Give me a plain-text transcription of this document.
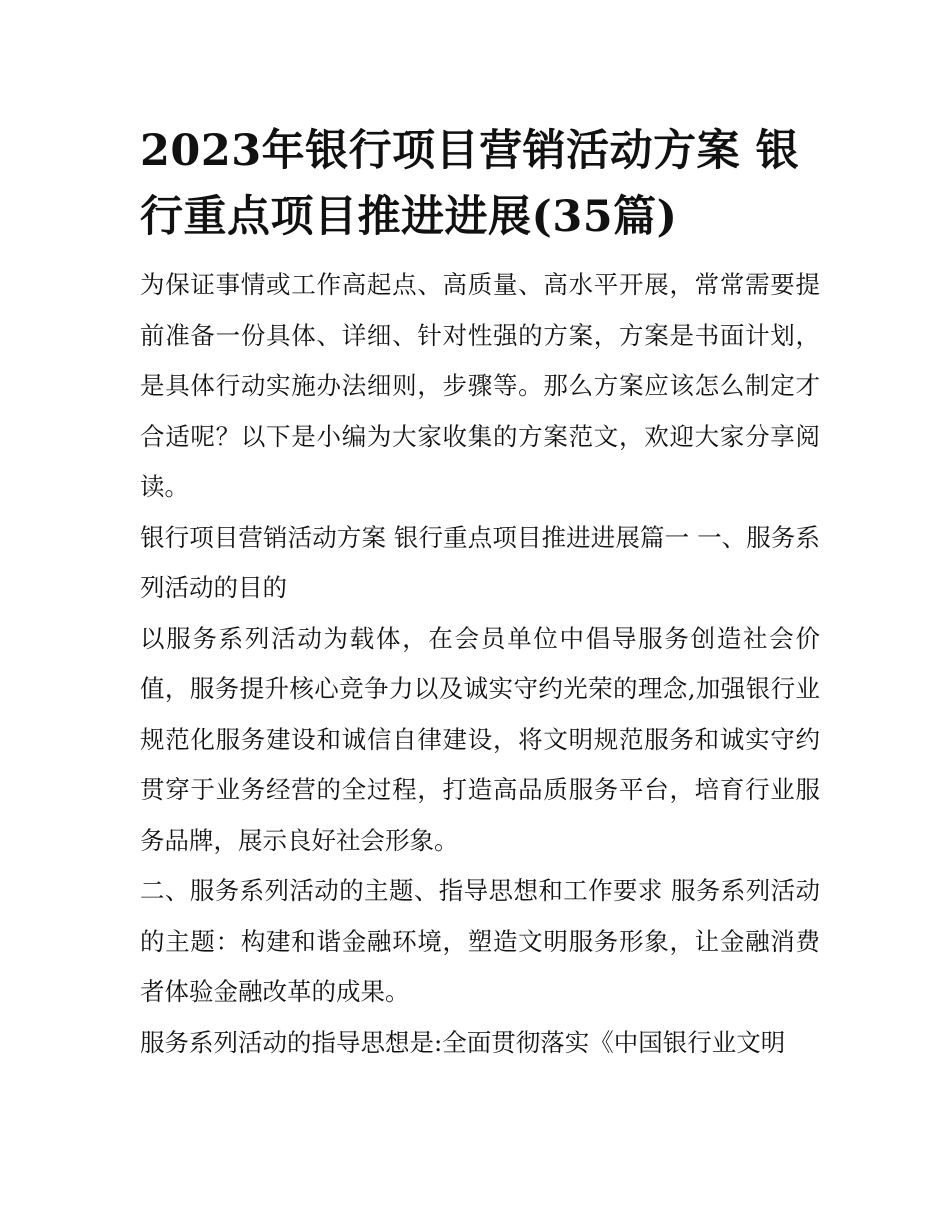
2023年银行项目营销活动方案 银行重点项目推进进展(35篇)

为保证事情或工作高起点、高质量、高水平开展，常常需要提前准备一份具体、详细、针对性强的方案，方案是书面计划，是具体行动实施办法细则，步骤等。那么方案应该怎么制定才合适呢？以下是小编为大家收集的方案范文，欢迎大家分享阅读。

银行项目营销活动方案 银行重点项目推进进展篇一 一、服务系列活动的目的

以服务系列活动为载体，在会员单位中倡导服务创造社会价值，服务提升核心竞争力以及诚实守约光荣的理念,加强银行业规范化服务建设和诚信自律建设，将文明规范服务和诚实守约贯穿于业务经营的全过程，打造高品质服务平台，培育行业服务品牌，展示良好社会形象。

二、服务系列活动的主题、指导思想和工作要求 服务系列活动的主题：构建和谐金融环境，塑造文明服务形象，让金融消费者体验金融改革的成果。

服务系列活动的指导思想是:全面贯彻落实《中国银行业文明
